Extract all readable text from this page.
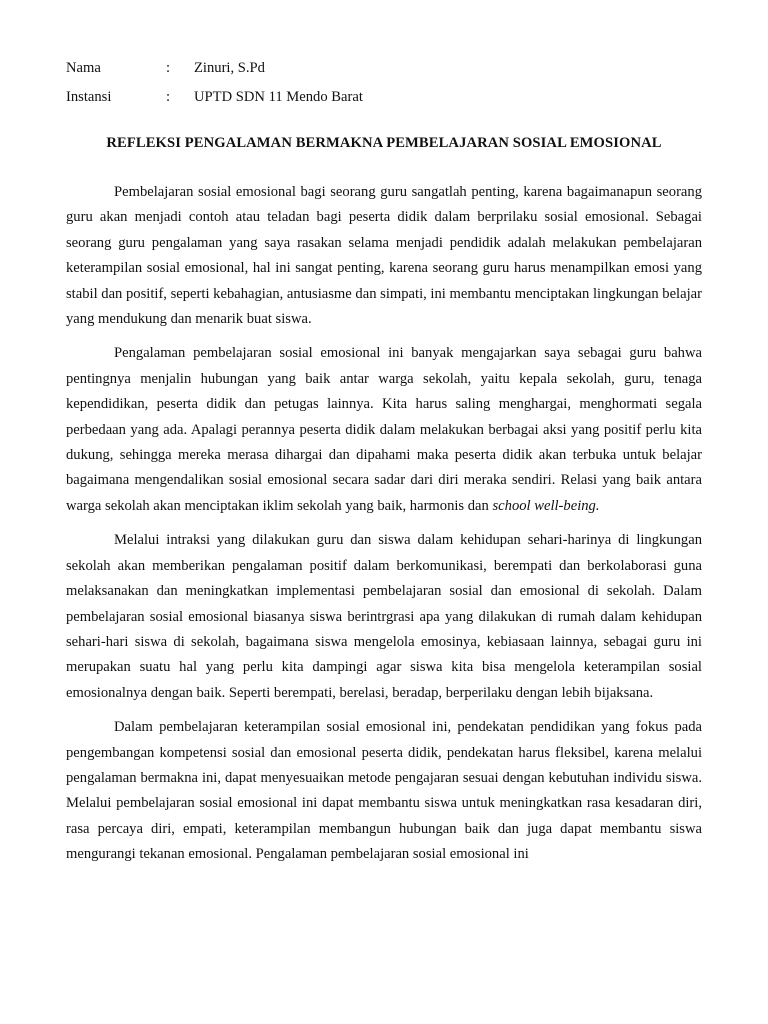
Nama	:	Zinuri, S.Pd
Instansi	:	UPTD SDN 11 Mendo Barat
REFLEKSI PENGALAMAN BERMAKNA PEMBELAJARAN SOSIAL EMOSIONAL

Pembelajaran sosial emosional bagi seorang guru sangatlah penting, karena bagaimanapun seorang guru akan menjadi contoh atau teladan bagi peserta didik dalam berprilaku sosial emosional. Sebagai seorang guru pengalaman yang saya rasakan selama menjadi pendidik adalah melakukan pembelajaran keterampilan sosial emosional, hal ini sangat penting, karena seorang guru harus menampilkan emosi yang stabil dan positif, seperti kebahagian, antusiasme dan simpati, ini membantu menciptakan lingkungan belajar yang mendukung dan menarik buat siswa.

Pengalaman pembelajaran sosial emosional ini banyak mengajarkan saya sebagai guru bahwa pentingnya menjalin hubungan yang baik antar warga sekolah, yaitu kepala sekolah, guru, tenaga kependidikan, peserta didik dan petugas lainnya. Kita harus saling menghargai, menghormati segala perbedaan yang ada. Apalagi perannya peserta didik dalam melakukan berbagai aksi yang positif perlu kita dukung, sehingga mereka merasa dihargai dan dipahami maka peserta didik akan terbuka untuk belajar bagaimana mengendalikan sosial emosional secara sadar dari diri meraka sendiri. Relasi yang baik antara warga sekolah akan menciptakan iklim sekolah yang baik, harmonis dan school well-being.

Melalui intraksi yang dilakukan guru dan siswa dalam kehidupan sehari-harinya di lingkungan sekolah akan memberikan pengalaman positif dalam berkomunikasi, berempati dan berkolaborasi guna melaksanakan dan meningkatkan implementasi pembelajaran sosial dan emosional di sekolah. Dalam pembelajaran sosial emosional biasanya siswa berintrgrasi apa yang dilakukan di rumah dalam kehidupan sehari-hari siswa di sekolah, bagaimana siswa mengelola emosinya, kebiasaan lainnya, sebagai guru ini merupakan suatu hal yang perlu kita dampingi agar siswa kita bisa mengelola keterampilan sosial emosionalnya dengan baik. Seperti berempati, berelasi, beradap, berperilaku dengan lebih bijaksana.

Dalam pembelajaran keterampilan sosial emosional ini, pendekatan pendidikan yang fokus pada pengembangan kompetensi sosial dan emosional peserta didik, pendekatan harus fleksibel, karena melalui pengalaman bermakna ini, dapat menyesuaikan metode pengajaran sesuai dengan kebutuhan individu siswa. Melalui pembelajaran sosial emosional ini dapat membantu siswa untuk meningkatkan rasa kesadaran diri, rasa percaya diri, empati, keterampilan membangun hubungan baik dan juga dapat membantu siswa mengurangi tekanan emosional. Pengalaman pembelajaran sosial emosional ini
